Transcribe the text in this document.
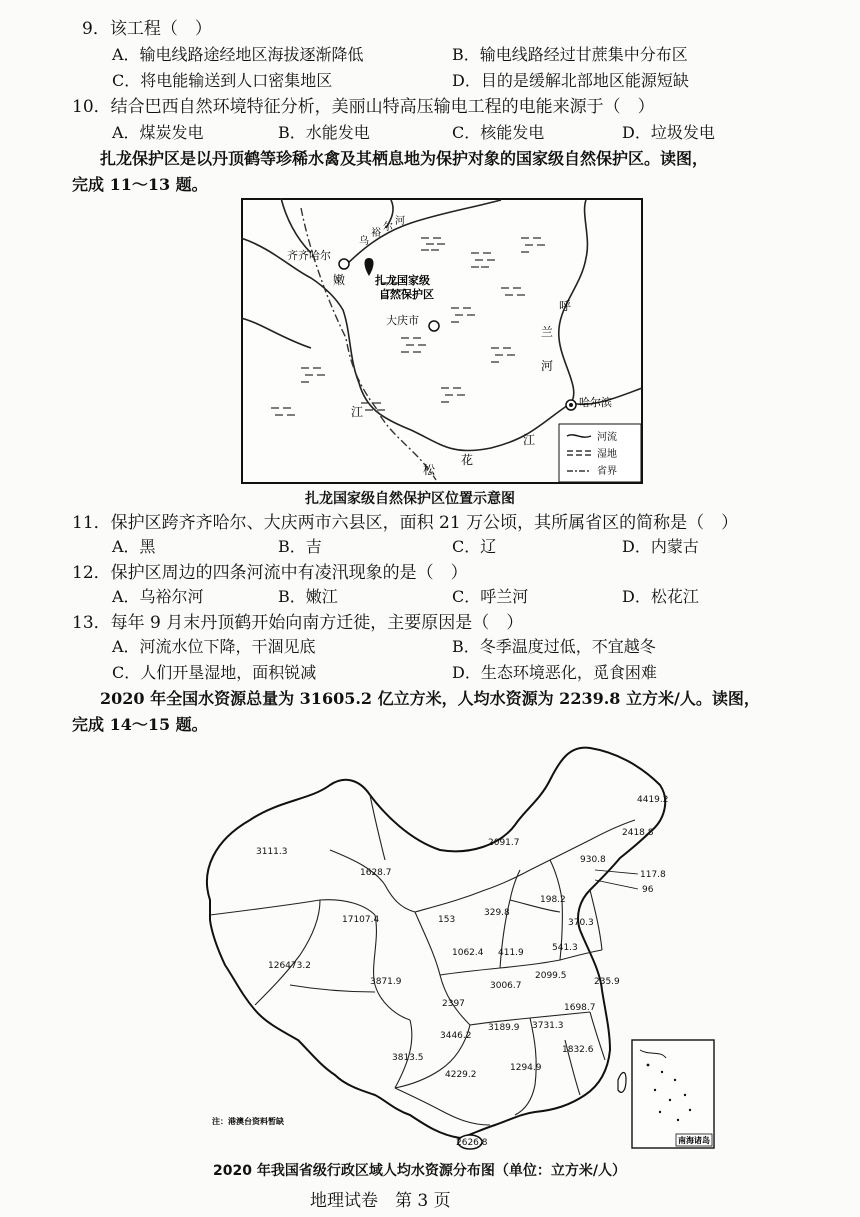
9．该工程（　）
A．输电线路途经地区海拔逐渐降低	B．输电线路经过甘蔗集中分布区
C．将电能输送到人口密集地区	D．目的是缓解北部地区能源短缺
10．结合巴西自然环境特征分析，美丽山特高压输电工程的电能来源于（　）
A．煤炭发电	B．水能发电	C．核能发电	D．垃圾发电
扎龙保护区是以丹顶鹤等珍稀水禽及其栖息地为保护对象的国家级自然保护区。读图，
完成 11～13 题。
齐齐哈尔
大庆市
哈尔滨
扎龙国家级
自然保护区
嫩
江
乌
裕
尔
河
呼
兰
河
松
花
江	河流
湿地
省界
扎龙国家级自然保护区位置示意图
11．保护区跨齐齐哈尔、大庆两市六县区，面积 21 万公顷，其所属省区的简称是（　）
A．黑	B．吉	C．辽	D．内蒙古
12．保护区周边的四条河流中有凌汛现象的是（　）
A．乌裕尔河	B．嫩江	C．呼兰河	D．松花江
13．每年 9 月末丹顶鹤开始向南方迁徙，主要原因是（　）
A．河流水位下降，干涸见底	B．冬季温度过低，不宜越冬
C．人们开垦湿地，面积锐减	D．生态环境恶化，觅食困难
2020 年全国水资源总量为 31605.2 亿立方米，人均水资源为 2239.8 立方米/人。读图，
完成 14～15 题。
4419.2
2418.8
930.8
117.8
96
198.2
370.3
3111.3
2091.7
1628.7
17107.4	153
329.8
1062.4 411.9	541.3
126473.2
3871.9
2397
3006.7
2099.5
235.9
1698.7
3446.2
3189.9 3731.3
1832.6
3813.5
4229.2
1294.9
2626.8
注：港澳台资料暂缺
南海诸岛
2020 年我国省级行政区域人均水资源分布图（单位：立方米/人）
地理试卷　第 3 页
